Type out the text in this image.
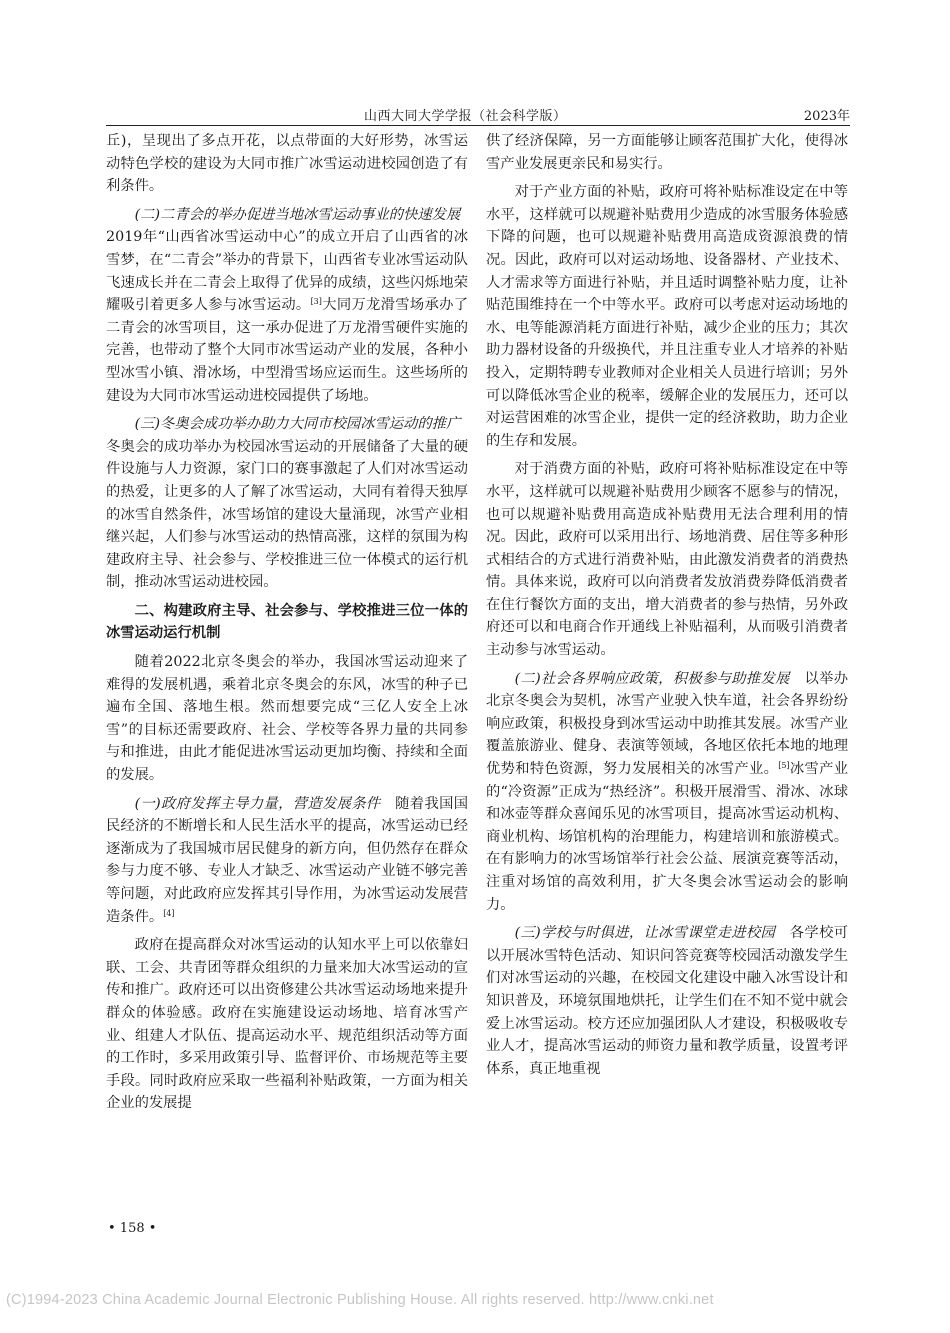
山西大同大学学报（社会科学版）	2023年

丘)，呈现出了多点开花，以点带面的大好形势，冰雪运动特色学校的建设为大同市推广冰雪运动进校园创造了有利条件。

(二)二青会的举办促进当地冰雪运动事业的快速发展　2019年“山西省冰雪运动中心”的成立开启了山西省的冰雪梦，在“二青会”举办的背景下，山西省专业冰雪运动队飞速成长并在二青会上取得了优异的成绩，这些闪烁地荣耀吸引着更多人参与冰雪运动。[3]大同万龙滑雪场承办了二青会的冰雪项目，这一承办促进了万龙滑雪硬件实施的完善，也带动了整个大同市冰雪运动产业的发展，各种小型冰雪小镇、滑冰场，中型滑雪场应运而生。这些场所的建设为大同市冰雪运动进校园提供了场地。

(三)冬奥会成功举办助力大同市校园冰雪运动的推广　冬奥会的成功举办为校园冰雪运动的开展储备了大量的硬件设施与人力资源，家门口的赛事激起了人们对冰雪运动的热爱，让更多的人了解了冰雪运动，大同有着得天独厚的冰雪自然条件，冰雪场馆的建设大量涌现，冰雪产业相继兴起，人们参与冰雪运动的热情高涨，这样的氛围为构建政府主导、社会参与、学校推进三位一体模式的运行机制，推动冰雪运动进校园。

二、构建政府主导、社会参与、学校推进三位一体的冰雪运动运行机制

随着2022北京冬奥会的举办，我国冰雪运动迎来了难得的发展机遇，乘着北京冬奥会的东风，冰雪的种子已遍布全国、落地生根。然而想要完成“三亿人安全上冰雪”的目标还需要政府、社会、学校等各界力量的共同参与和推进，由此才能促进冰雪运动更加均衡、持续和全面的发展。

(一)政府发挥主导力量，营造发展条件　随着我国国民经济的不断增长和人民生活水平的提高，冰雪运动已经逐渐成为了我国城市居民健身的新方向，但仍然存在群众参与力度不够、专业人才缺乏、冰雪运动产业链不够完善等问题，对此政府应发挥其引导作用，为冰雪运动发展营造条件。[4]

政府在提高群众对冰雪运动的认知水平上可以依靠妇联、工会、共青团等群众组织的力量来加大冰雪运动的宣传和推广。政府还可以出资修建公共冰雪运动场地来提升群众的体验感。政府在实施建设运动场地、培育冰雪产业、组建人才队伍、提高运动水平、规范组织活动等方面的工作时，多采用政策引导、监督评价、市场规范等主要手段。同时政府应采取一些福利补贴政策，一方面为相关企业的发展提

供了经济保障，另一方面能够让顾客范围扩大化，使得冰雪产业发展更亲民和易实行。

对于产业方面的补贴，政府可将补贴标准设定在中等水平，这样就可以规避补贴费用少造成的冰雪服务体验感下降的问题，也可以规避补贴费用高造成资源浪费的情况。因此，政府可以对运动场地、设备器材、产业技术、人才需求等方面进行补贴，并且适时调整补贴力度，让补贴范围维持在一个中等水平。政府可以考虑对运动场地的水、电等能源消耗方面进行补贴，减少企业的压力；其次助力器材设备的升级换代，并且注重专业人才培养的补贴投入，定期特聘专业教师对企业相关人员进行培训；另外可以降低冰雪企业的税率，缓解企业的发展压力，还可以对运营困难的冰雪企业，提供一定的经济救助，助力企业的生存和发展。

对于消费方面的补贴，政府可将补贴标准设定在中等水平，这样就可以规避补贴费用少顾客不愿参与的情况，也可以规避补贴费用高造成补贴费用无法合理利用的情况。因此，政府可以采用出行、场地消费、居住等多种形式相结合的方式进行消费补贴，由此激发消费者的消费热情。具体来说，政府可以向消费者发放消费券降低消费者在住行餐饮方面的支出，增大消费者的参与热情，另外政府还可以和电商合作开通线上补贴福利，从而吸引消费者主动参与冰雪运动。

(二)社会各界响应政策，积极参与助推发展　以举办北京冬奥会为契机，冰雪产业驶入快车道，社会各界纷纷响应政策，积极投身到冰雪运动中助推其发展。冰雪产业覆盖旅游业、健身、表演等领域，各地区依托本地的地理优势和特色资源，努力发展相关的冰雪产业。[5]冰雪产业的“冷资源”正成为“热经济”。积极开展滑雪、滑冰、冰球和冰壶等群众喜闻乐见的冰雪项目，提高冰雪运动机构、商业机构、场馆机构的治理能力，构建培训和旅游模式。在有影响力的冰雪场馆举行社会公益、展演竞赛等活动，注重对场馆的高效利用，扩大冬奥会冰雪运动会的影响力。

(三)学校与时俱进，让冰雪课堂走进校园　各学校可以开展冰雪特色活动、知识问答竞赛等校园活动激发学生们对冰雪运动的兴趣，在校园文化建设中融入冰雪设计和知识普及，环境氛围地烘托，让学生们在不知不觉中就会爱上冰雪运动。校方还应加强团队人才建设，积极吸收专业人才，提高冰雪运动的师资力量和教学质量，设置考评体系，真正地重视

• 158 •
(C)1994-2023 China Academic Journal Electronic Publishing House. All rights reserved. http://www.cnki.net
